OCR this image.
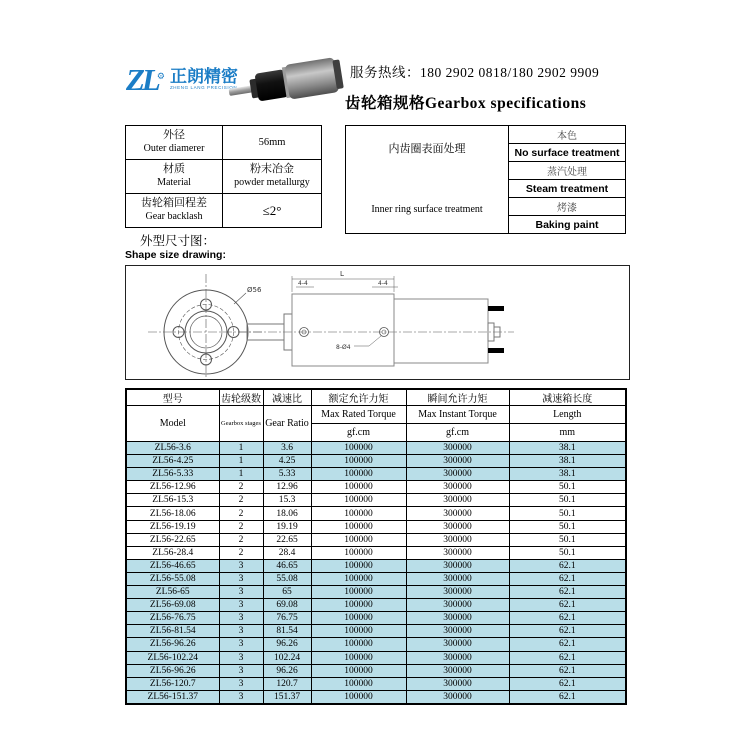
ZL⚙ 正朗精密
ZHENG LANG PRECISION
服务热线：180 2902 0818/180 2902 9909
齿轮箱规格Gearbox specifications
外径
Outer diamerer	56mm

材质
Material	粉末冶金
powder metallurgy

齿轮箱回程差
Gear backlash	≤2°
内齿圈表面处理
Inner ring surface treatment
	本色
No surface treatment
蒸汽处理
Steam treatment
烤漆
Baking paint
外型尺寸图：
Shape size drawing:
Ø56
L
4-4	4-4
8-Ø4
型号	齿轮级数	减速比	额定允许力矩	瞬间允许力矩	减速箱长度
Model	Gearbox stages	Gear Ratio	Max Rated Torque	Max Instant Torque	Length
			gf.cm	gf.cm	mm
ZL56-3.6	1	3.6	100000	300000	38.1
ZL56-4.25	1	4.25	100000	300000	38.1
ZL56-5.33	1	5.33	100000	300000	38.1
ZL56-12.96	2	12.96	100000	300000	50.1
ZL56-15.3	2	15.3	100000	300000	50.1
ZL56-18.06	2	18.06	100000	300000	50.1
ZL56-19.19	2	19.19	100000	300000	50.1
ZL56-22.65	2	22.65	100000	300000	50.1
ZL56-28.4	2	28.4	100000	300000	50.1
ZL56-46.65	3	46.65	100000	300000	62.1
ZL56-55.08	3	55.08	100000	300000	62.1
ZL56-65	3	65	100000	300000	62.1
ZL56-69.08	3	69.08	100000	300000	62.1
ZL56-76.75	3	76.75	100000	300000	62.1
ZL56-81.54	3	81.54	100000	300000	62.1
ZL56-96.26	3	96.26	100000	300000	62.1
ZL56-102.24	3	102.24	100000	300000	62.1
ZL56-96.26	3	96.26	100000	300000	62.1
ZL56-120.7	3	120.7	100000	300000	62.1
ZL56-151.37	3	151.37	100000	300000	62.1
